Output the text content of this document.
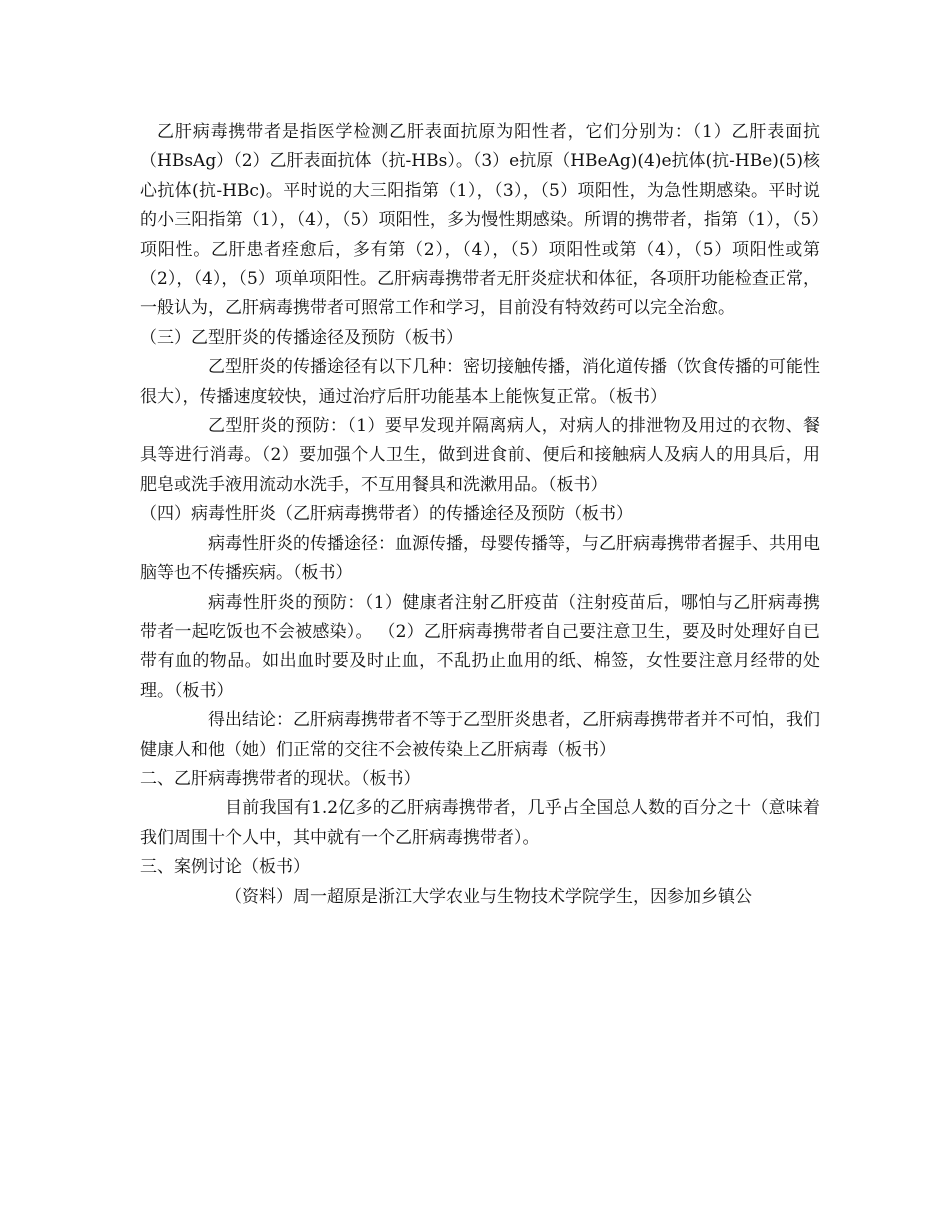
乙肝病毒携带者是指医学检测乙肝表面抗原为阳性者，它们分别为：（1）乙肝表面抗（HBsAg）（2）乙肝表面抗体（抗-HBs）。（3）e抗原（HBeAg)(4)e抗体(抗-HBe)(5)核心抗体(抗-HBc)。平时说的大三阳指第（1），（3），（5）项阳性，为急性期感染。平时说的小三阳指第（1），（4），（5）项阳性，多为慢性期感染。所谓的携带者，指第（1），（5）项阳性。乙肝患者痊愈后，多有第（2），（4），（5）项阳性或第（4），（5）项阳性或第（2），（4），（5）项单项阳性。乙肝病毒携带者无肝炎症状和体征，各项肝功能检查正常，一般认为，乙肝病毒携带者可照常工作和学习，目前没有特效药可以完全治愈。

（三）乙型肝炎的传播途径及预防（板书）

乙型肝炎的传播途径有以下几种：密切接触传播，消化道传播（饮食传播的可能性很大），传播速度较快，通过治疗后肝功能基本上能恢复正常。（板书）

乙型肝炎的预防：（1）要早发现并隔离病人，对病人的排泄物及用过的衣物、餐具等进行消毒。（2）要加强个人卫生，做到进食前、便后和接触病人及病人的用具后，用肥皂或洗手液用流动水洗手，不互用餐具和洗漱用品。（板书）

（四）病毒性肝炎（乙肝病毒携带者）的传播途径及预防（板书）

病毒性肝炎的传播途径：血源传播，母婴传播等，与乙肝病毒携带者握手、共用电脑等也不传播疾病。（板书）

病毒性肝炎的预防：（1）健康者注射乙肝疫苗（注射疫苗后，哪怕与乙肝病毒携带者一起吃饭也不会被感染）。 （2）乙肝病毒携带者自己要注意卫生，要及时处理好自已带有血的物品。如出血时要及时止血，不乱扔止血用的纸、棉签，女性要注意月经带的处理。（板书）

得出结论：乙肝病毒携带者不等于乙型肝炎患者，乙肝病毒携带者并不可怕，我们健康人和他（她）们正常的交往不会被传染上乙肝病毒（板书）

二、乙肝病毒携带者的现状。（板书）

目前我国有1.2亿多的乙肝病毒携带者，几乎占全国总人数的百分之十（意味着我们周围十个人中，其中就有一个乙肝病毒携带者）。

三、案例讨论（板书）

（资料）周一超原是浙江大学农业与生物技术学院学生，因参加乡镇公
